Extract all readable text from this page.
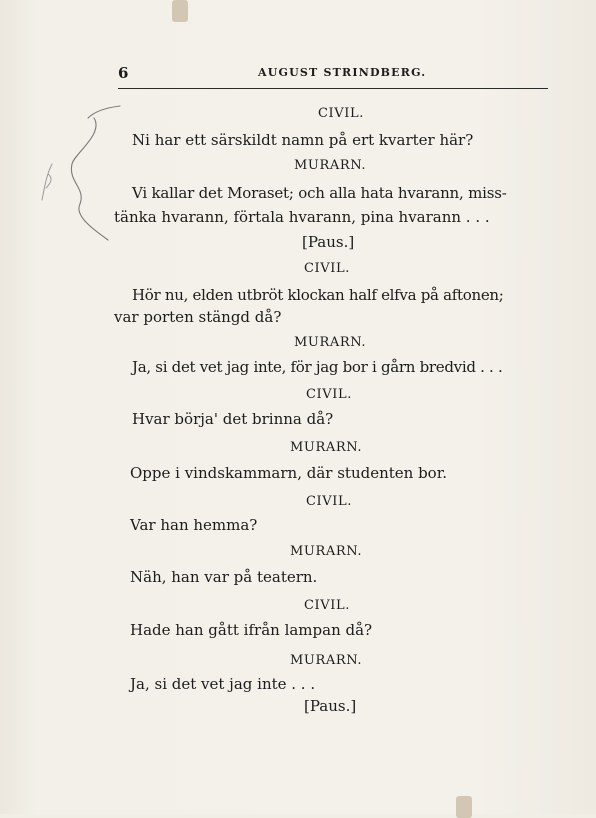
6	AUGUST STRINDBERG.
CIVIL.
Ni har ett särskildt namn på ert kvarter här?
MURARN.
Vi kallar det Moraset; och alla hata hvarann, miss-
tänka hvarann, förtala hvarann, pina hvarann . . .
[Paus.]
CIVIL.
Hör nu, elden utbröt klockan half elfva på aftonen;
var porten stängd då?
MURARN.
Ja, si det vet jag inte, för jag bor i gårn bredvid . . .
CIVIL.
Hvar börja' det brinna då?
MURARN.
Oppe i vindskammarn, där studenten bor.
CIVIL.
Var han hemma?
MURARN.
Näh, han var på teatern.
CIVIL.
Hade han gått ifrån lampan då?
MURARN.
Ja, si det vet jag inte . . .
[Paus.]
